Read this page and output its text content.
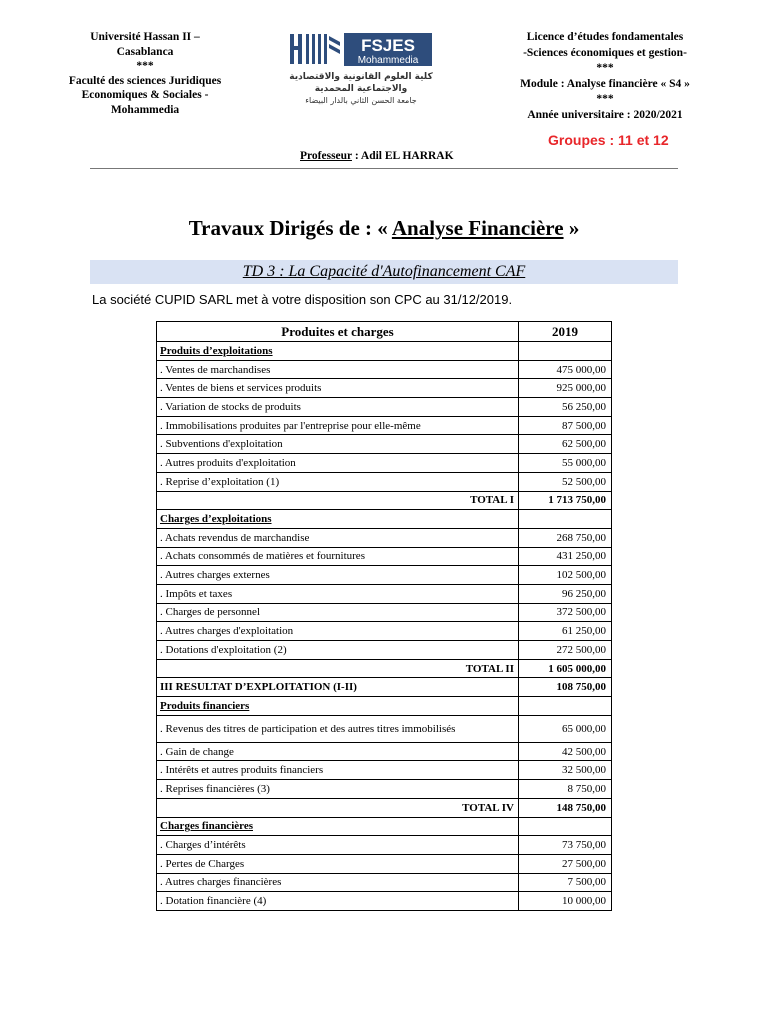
Université Hassan II –
Casablanca
***
Faculté des sciences Juridiques
Economiques & Sociales -
Mohammedia
FSJES
Mohammedia
كلية العلوم القانونية والاقتصادية
والاجتماعية المحمدية
جامعة الحسن الثاني بالدار البيضاء
Licence d’études fondamentales
-Sciences économiques et gestion-
***
Module : Analyse financière « S4 »
***
Année universitaire : 2020/2021
Groupes : 11 et 12
Professeur : Adil EL HARRAK
Travaux Dirigés de : « Analyse Financière »
TD 3 : La Capacité d'Autofinancement CAF
La société CUPID SARL met à votre disposition son CPC au 31/12/2019.
Produites et charges	2019
Produits d’exploitations	
. Ventes de marchandises	475 000,00
. Ventes de biens et services produits	925 000,00
. Variation de stocks de produits	56 250,00
. Immobilisations produites par l'entreprise pour elle-même	87 500,00
. Subventions d'exploitation	62 500,00
. Autres produits d'exploitation	55 000,00
. Reprise d’exploitation (1)	52 500,00
TOTAL I	1 713 750,00
Charges d’exploitations	
. Achats revendus de marchandise	268 750,00
. Achats consommés de matières et fournitures	431 250,00
. Autres charges externes	102 500,00
. Impôts et taxes	96 250,00
. Charges de personnel	372 500,00
. Autres charges d'exploitation	61 250,00
. Dotations d'exploitation (2)	272 500,00
TOTAL II	1 605 000,00
III RESULTAT D’EXPLOITATION (I-II)	108 750,00
Produits financiers	
. Revenus des titres de participation et des autres titres immobilisés	65 000,00
. Gain de change	42 500,00
. Intérêts et autres produits financiers	32 500,00
. Reprises financières (3)	8 750,00
TOTAL IV	148 750,00
Charges financières	
. Charges d’intérêts	73 750,00
. Pertes de Charges	27 500,00
. Autres charges financières	7 500,00
. Dotation financière (4)	10 000,00
